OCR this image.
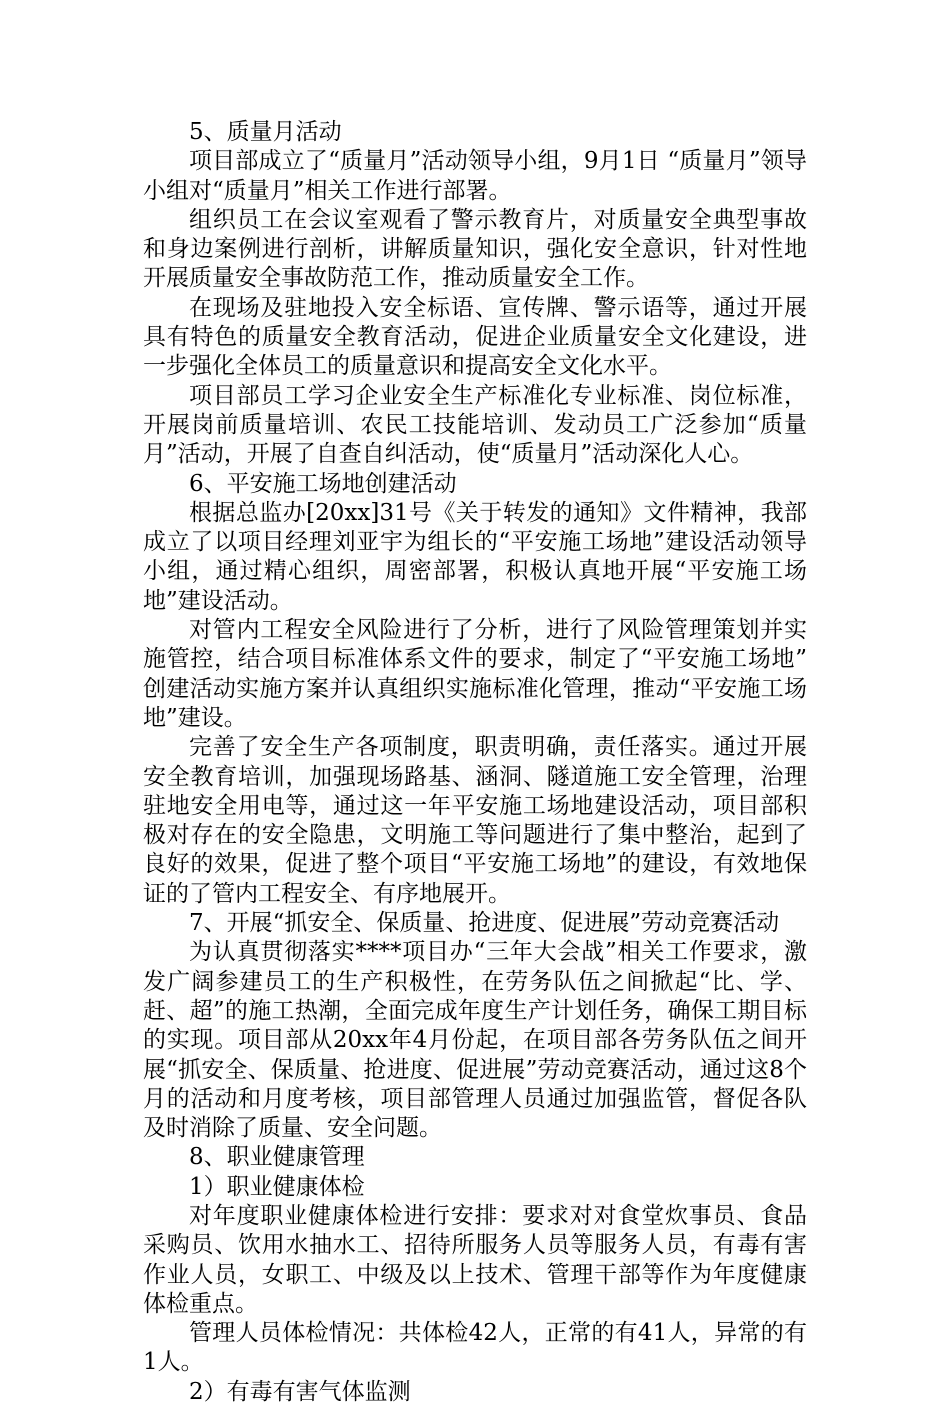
5、质量月活动

项目部成立了“质量月”活动领导小组，9月1日 “质量月”领导小组对“质量月”相关工作进行部署。

组织员工在会议室观看了警示教育片，对质量安全典型事故和身边案例进行剖析，讲解质量知识，强化安全意识，针对性地开展质量安全事故防范工作，推动质量安全工作。

在现场及驻地投入安全标语、宣传牌、警示语等，通过开展具有特色的质量安全教育活动，促进企业质量安全文化建设，进一步强化全体员工的质量意识和提高安全文化水平。

项目部员工学习企业安全生产标准化专业标准、岗位标准，开展岗前质量培训、农民工技能培训、发动员工广泛参加“质量月”活动，开展了自查自纠活动，使“质量月”活动深化人心。

6、平安施工场地创建活动

根据总监办[20xx]31号《关于转发的通知》文件精神，我部成立了以项目经理刘亚宇为组长的“平安施工场地”建设活动领导小组，通过精心组织，周密部署，积极认真地开展“平安施工场地”建设活动。

对管内工程安全风险进行了分析，进行了风险管理策划并实施管控，结合项目标准体系文件的要求，制定了“平安施工场地” 创建活动实施方案并认真组织实施标准化管理，推动“平安施工场地”建设。

完善了安全生产各项制度，职责明确，责任落实。通过开展安全教育培训，加强现场路基、涵洞、隧道施工安全管理，治理驻地安全用电等，通过这一年平安施工场地建设活动，项目部积极对存在的安全隐患，文明施工等问题进行了集中整治，起到了良好的效果，促进了整个项目“平安施工场地”的建设，有效地保证的了管内工程安全、有序地展开。

7、开展“抓安全、保质量、抢进度、促进展”劳动竞赛活动

为认真贯彻落实****项目办“三年大会战”相关工作要求，激发广阔参建员工的生产积极性，在劳务队伍之间掀起“比、学、赶、超”的施工热潮，全面完成年度生产计划任务，确保工期目标的实现。项目部从20xx年4月份起，在项目部各劳务队伍之间开展“抓安全、保质量、抢进度、促进展”劳动竞赛活动，通过这8个月的活动和月度考核，项目部管理人员通过加强监管，督促各队及时消除了质量、安全问题。

8、职业健康管理

1）职业健康体检

对年度职业健康体检进行安排：要求对对食堂炊事员、食品采购员、饮用水抽水工、招待所服务人员等服务人员，有毒有害作业人员，女职工、中级及以上技术、管理干部等作为年度健康体检重点。

管理人员体检情况：共体检42人，正常的有41人，异常的有1人。

2）有毒有害气体监测
